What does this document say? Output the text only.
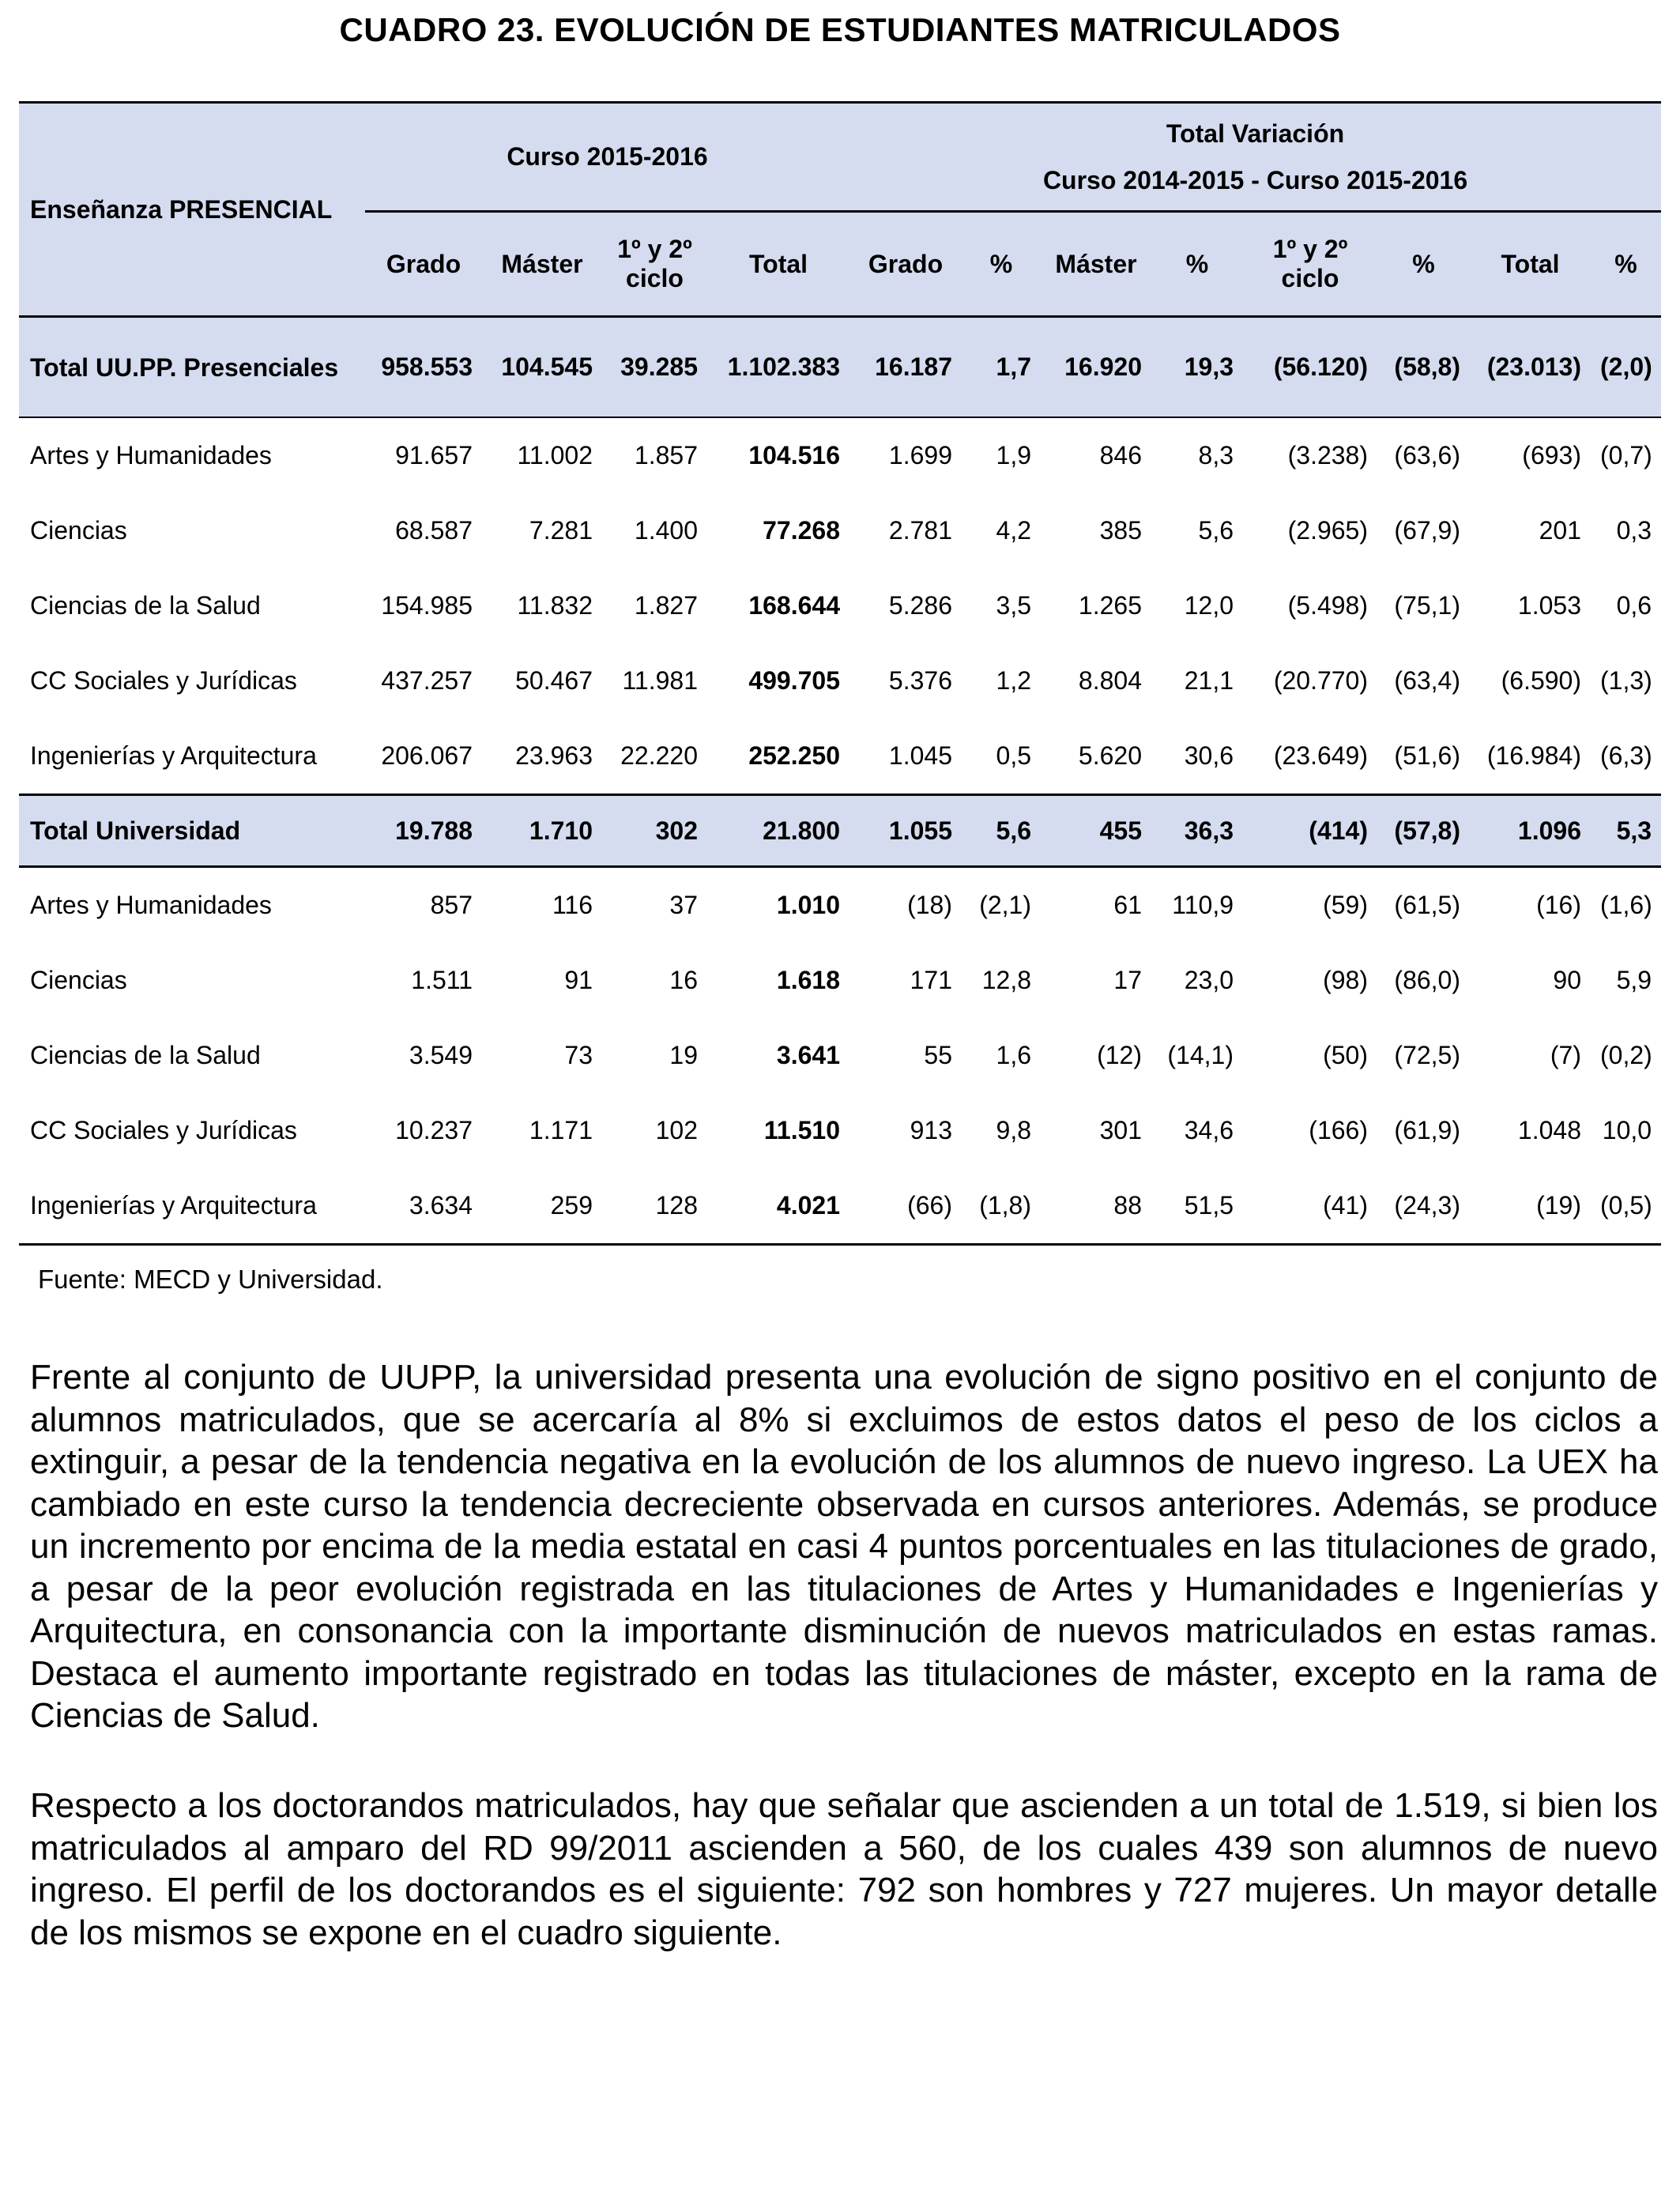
CUADRO 23. EVOLUCIÓN DE ESTUDIANTES MATRICULADOS
Enseñanza PRESENCIAL	Curso 2015-2016				Total Variación
Curso 2014-2015 - Curso 2015-2016							

	Grado	Máster	1º y 2º ciclo	Total	Grado	%	Máster	%	1º y 2º ciclo	%	Total	%
Total UU.PP. Presenciales	958.553	104.545	39.285	1.102.383	16.187	1,7	16.920	19,3	(56.120)	(58,8)	(23.013)	(2,0)
Artes y Humanidades	91.657	11.002	1.857	104.516	1.699	1,9	846	8,3	(3.238)	(63,6)	(693)	(0,7)
Ciencias	68.587	7.281	1.400	77.268	2.781	4,2	385	5,6	(2.965)	(67,9)	201	0,3
Ciencias de la Salud	154.985	11.832	1.827	168.644	5.286	3,5	1.265	12,0	(5.498)	(75,1)	1.053	0,6
CC Sociales y Jurídicas	437.257	50.467	11.981	499.705	5.376	1,2	8.804	21,1	(20.770)	(63,4)	(6.590)	(1,3)
Ingenierías y Arquitectura	206.067	23.963	22.220	252.250	1.045	0,5	5.620	30,6	(23.649)	(51,6)	(16.984)	(6,3)
Total Universidad	19.788	1.710	302	21.800	1.055	5,6	455	36,3	(414)	(57,8)	1.096	5,3
Artes y Humanidades	857	116	37	1.010	(18)	(2,1)	61	110,9	(59)	(61,5)	(16)	(1,6)
Ciencias	1.511	91	16	1.618	171	12,8	17	23,0	(98)	(86,0)	90	5,9
Ciencias de la Salud	3.549	73	19	3.641	55	1,6	(12)	(14,1)	(50)	(72,5)	(7)	(0,2)
CC Sociales y Jurídicas	10.237	1.171	102	11.510	913	9,8	301	34,6	(166)	(61,9)	1.048	10,0
Ingenierías y Arquitectura	3.634	259	128	4.021	(66)	(1,8)	88	51,5	(41)	(24,3)	(19)	(0,5)
Fuente: MECD y Universidad.
Frente al conjunto de UUPP, la universidad presenta una evolución de signo positivo en el conjunto de alumnos matriculados, que se acercaría al 8% si excluimos de estos datos el peso de los ciclos a extinguir, a pesar de la tendencia negativa en la evolución de los alumnos de nuevo ingreso. La UEX ha cambiado en este curso la tendencia decreciente observada en cursos anteriores. Además, se produce un incremento por encima de la media estatal en casi 4 puntos porcentuales en las titulaciones de grado, a pesar de la peor evolución registrada en las titulaciones de Artes y Humanidades e Ingenierías y Arquitectura, en consonancia con la importante disminución de nuevos matriculados en estas ramas. Destaca el aumento importante registrado en todas las titulaciones de máster, excepto en la rama de Ciencias de Salud.
Respecto a los doctorandos matriculados, hay que señalar que ascienden a un total de 1.519, si bien los matriculados al amparo del RD 99/2011 ascienden a 560, de los cuales 439 son alumnos de nuevo ingreso. El perfil de los doctorandos es el siguiente: 792 son hombres y 727 mujeres. Un mayor detalle de los mismos se expone en el cuadro siguiente.
